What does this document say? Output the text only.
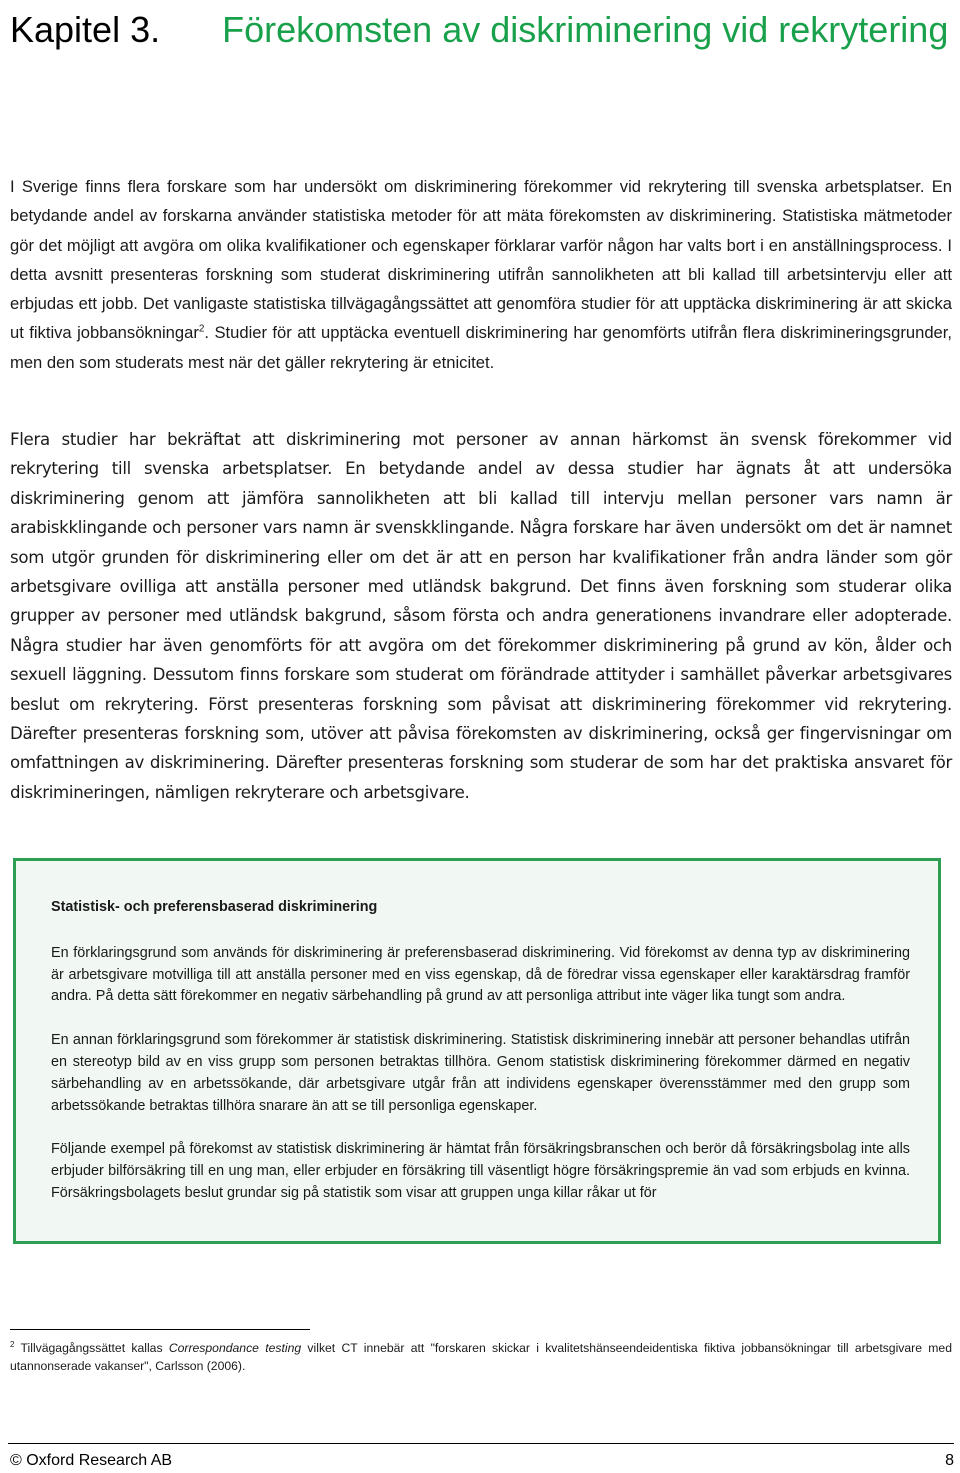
Kapitel 3. Förekomsten av diskriminering vid rekrytering

I Sverige finns flera forskare som har undersökt om diskriminering förekommer vid rekrytering till svenska arbetsplatser. En betydande andel av forskarna använder statistiska metoder för att mäta förekomsten av diskriminering. Statistiska mätmetoder gör det möjligt att avgöra om olika kvalifikationer och egenskaper förklarar varför någon har valts bort i en anställningsprocess. I detta avsnitt presenteras forskning som studerat diskriminering utifrån sannolikheten att bli kallad till arbetsintervju eller att erbjudas ett jobb. Det vanligaste statistiska tillvägagångssättet att genomföra studier för att upptäcka diskriminering är att skicka ut fiktiva jobbansökningar$^2$. Studier för att upptäcka eventuell diskriminering har genomförts utifrån flera diskrimineringsgrunder, men den som studerats mest när det gäller rekrytering är etnicitet.

Flera studier har bekräftat att diskriminering mot personer av annan härkomst än svensk förekommer vid rekrytering till svenska arbetsplatser. En betydande andel av dessa studier har ägnats åt att undersöka diskriminering genom att jämföra sannolikheten att bli kallad till intervju mellan personer vars namn är arabiskklingande och personer vars namn är svenskklingande. Några forskare har även undersökt om det är namnet som utgör grunden för diskriminering eller om det är att en person har kvalifikationer från andra länder som gör arbetsgivare ovilliga att anställa personer med utländsk bakgrund. Det finns även forskning som studerar olika grupper av personer med utländsk bakgrund, såsom första och andra generationens invandrare eller adopterade. Några studier har även genomförts för att avgöra om det förekommer diskriminering på grund av kön, ålder och sexuell läggning. Dessutom finns forskare som studerat om förändrade attityder i samhället påverkar arbetsgivares beslut om rekrytering. Först presenteras forskning som påvisat att diskriminering förekommer vid rekrytering. Därefter presenteras forskning som, utöver att påvisa förekomsten av diskriminering, också ger fingervisningar om omfattningen av diskriminering. Därefter presenteras forskning som studerar de som har det praktiska ansvaret för diskrimineringen, nämligen rekryterare och arbetsgivare.

Statistisk- och preferensbaserad diskriminering

En förklaringsgrund som används för diskriminering är preferensbaserad diskriminering. Vid förekomst av denna typ av diskriminering är arbetsgivare motvilliga till att anställa personer med en viss egenskap, då de föredrar vissa egenskaper eller karaktärsdrag framför andra. På detta sätt förekommer en negativ särbehandling på grund av att personliga attribut inte väger lika tungt som andra.

En annan förklaringsgrund som förekommer är statistisk diskriminering. Statistisk diskriminering innebär att personer behandlas utifrån en stereotyp bild av en viss grupp som personen betraktas tillhöra. Genom statistisk diskriminering förekommer därmed en negativ särbehandling av en arbetssökande, där arbetsgivare utgår från att individens egenskaper överensstämmer med den grupp som arbetssökande betraktas tillhöra snarare än att se till personliga egenskaper.

Följande exempel på förekomst av statistisk diskriminering är hämtat från försäkringsbranschen och berör då försäkringsbolag inte alls erbjuder bilförsäkring till en ung man, eller erbjuder en försäkring till väsentligt högre försäkringspremie än vad som erbjuds en kvinna. Försäkringsbolagets beslut grundar sig på statistik som visar att gruppen unga killar råkar ut för

$^2$ Tillvägagångssättet kallas Correspondance testing vilket CT innebär att "forskaren skickar i kvalitetshänseendeidentiska fiktiva jobbansökningar till arbetsgivare med utannonserade vakanser", Carlsson (2006).

© Oxford Research AB	8
